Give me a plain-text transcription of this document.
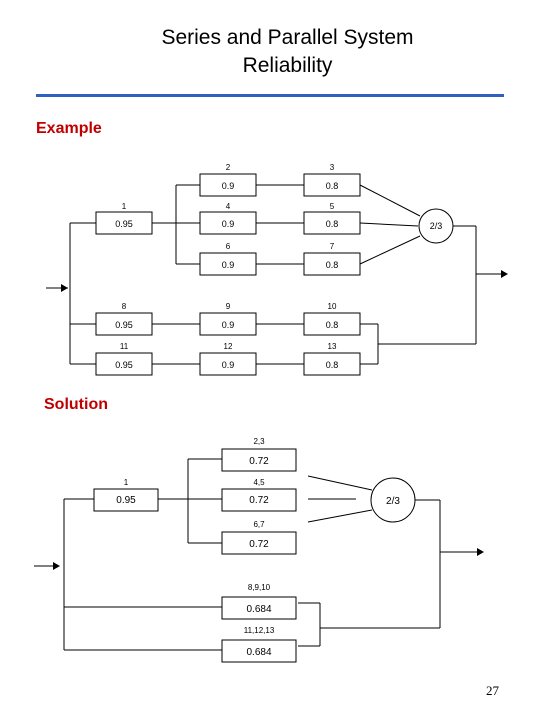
Series and Parallel System
Reliability
Example
Solution
1
0.95
2
0.9
3
0.8
4
0.9
5
0.8
6
0.9
7
0.8
8
0.95
9
0.9
10
0.8
11
0.95
12
0.9
13
0.8
2/3
1
0.95
2,3
0.72
4,5
0.72
6,7
0.72
8,9,10
0.684
11,12,13
0.684
2/3
27
